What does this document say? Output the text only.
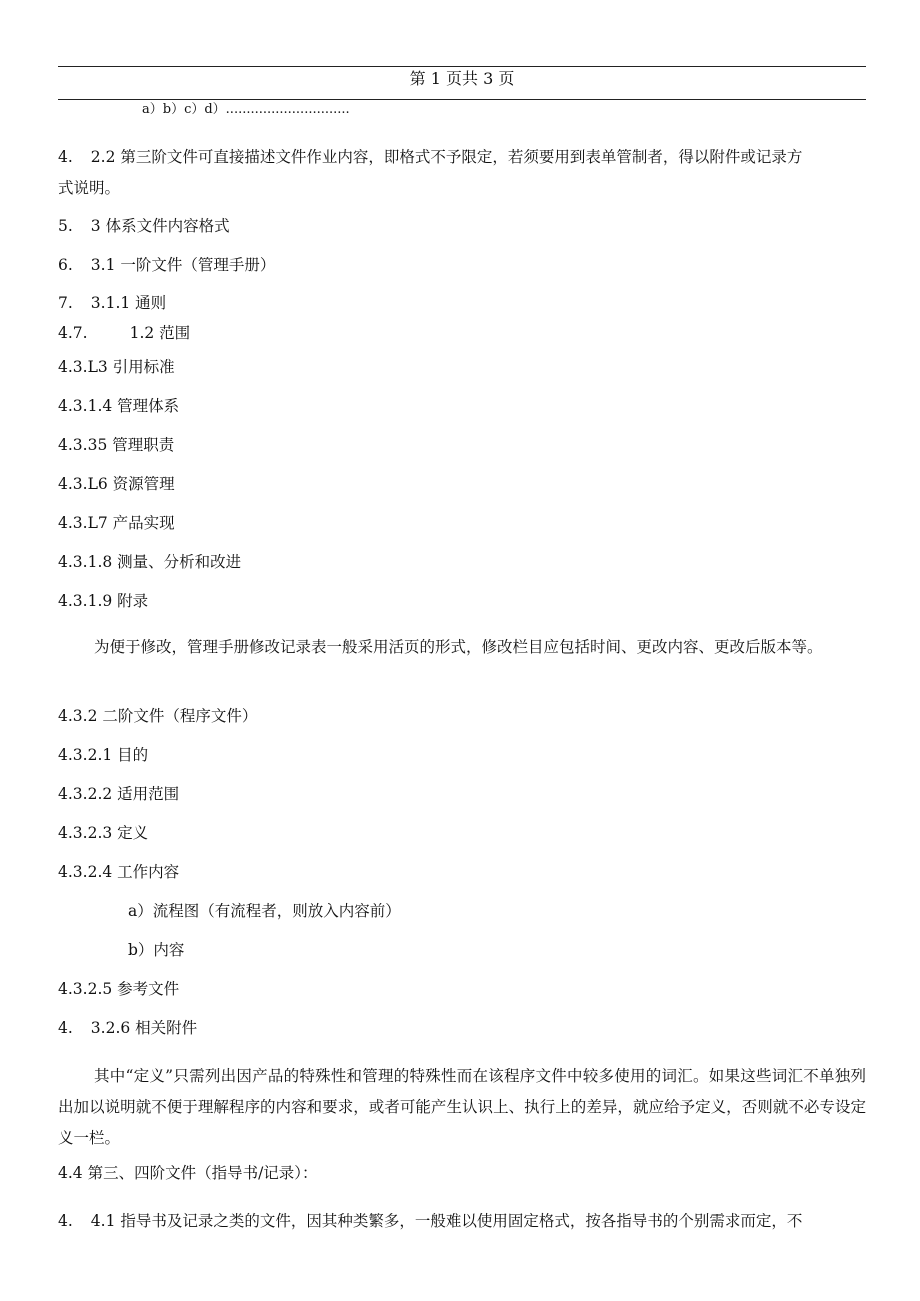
第 1 页共 3 页
a）b）c）d）..............................
4. 2.2 第三阶文件可直接描述文件作业内容，即格式不予限定，若须要用到表单管制者，得以附件或记录方
式说明。
5. 3 体系文件内容格式
6. 3.1 一阶文件（管理手册）
7. 3.1.1 通则
4.7.	1.2 范围
4.3.L3 引用标准
4.3.1.4 管理体系
4.3.35 管理职责
4.3.L6 资源管理
4.3.L7 产品实现
4.3.1.8 测量、分析和改进
4.3.1.9 附录
为便于修改，管理手册修改记录表一般采用活页的形式，修改栏目应包括时间、更改内容、更改后版本等。
4.3.2 二阶文件（程序文件）
4.3.2.1 目的
4.3.2.2 适用范围
4.3.2.3 定义
4.3.2.4 工作内容
a）流程图（有流程者，则放入内容前）
b）内容
4.3.2.5 参考文件
4. 3.2.6 相关附件
其中“定义”只需列出因产品的特殊性和管理的特殊性而在该程序文件中较多使用的词汇。如果这些词汇不单独列出加以说明就不便于理解程序的内容和要求，或者可能产生认识上、执行上的差异，就应给予定义，否则就不必专设定义一栏。
4.4 第三、四阶文件（指导书/记录）：
4. 4.1 指导书及记录之类的文件，因其种类繁多，一般难以使用固定格式，按各指导书的个别需求而定，不
